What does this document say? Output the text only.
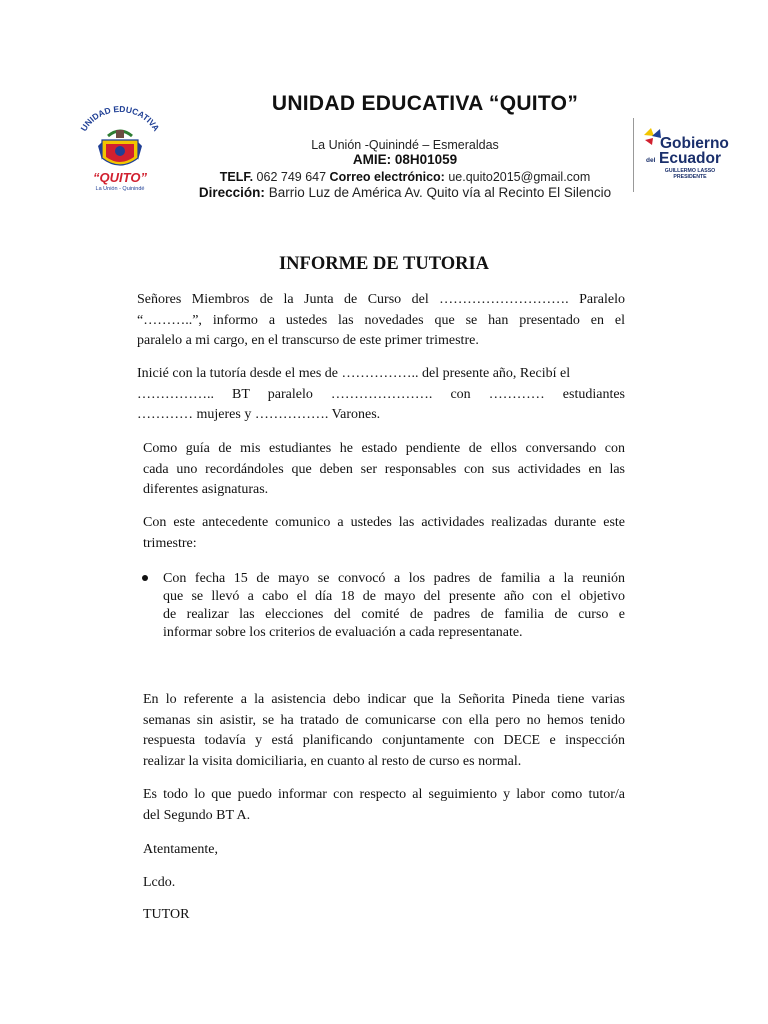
UNIDAD EDUCATIVA “QUITO”
La Unión -Quinindé – Esmeraldas
AMIE: 08H01059
TELF. 062 749 647 Correo electrónico: ue.quito2015@gmail.com
Dirección: Barrio Luz de América Av. Quito vía al Recinto El Silencio
UNIDAD EDUCATIVA
“QUITO”
La Unión - Quinindé
Gobierno
del Ecuador
GUILLERMO LASSO
PRESIDENTE
INFORME DE TUTORIA
Señores Miembros de la Junta de Curso del ………………………. Paralelo
“………..”, informo a ustedes las novedades que se han presentado en el
paralelo a mi cargo, en el transcurso de este primer trimestre.
Inicié con la tutoría desde el mes de …………….. del presente año, Recibí el
…………….. BT paralelo …………………. con ………… estudiantes
………… mujeres y ……………. Varones.
Como guía de mis estudiantes he estado pendiente de ellos conversando con
cada uno recordándoles que deben ser responsables con sus actividades en las
diferentes asignaturas.
Con este antecedente comunico a ustedes las actividades realizadas durante este
trimestre:
Con fecha 15 de mayo se convocó a los padres de familia a la reunión
que se llevó a cabo el día 18 de mayo del presente año con el objetivo
de realizar las elecciones del comité de padres de familia de curso e
informar sobre los criterios de evaluación a cada representanate.
En lo referente a la asistencia debo indicar que la Señorita Pineda tiene varias
semanas sin asistir, se ha tratado de comunicarse con ella pero no hemos tenido
respuesta todavía y está planificando conjuntamente con DECE e inspección
realizar la visita domiciliaria, en cuanto al resto de curso es normal.
Es todo lo que puedo informar con respecto al seguimiento y labor como tutor/a
del Segundo BT A.
Atentamente,
Lcdo.
TUTOR
